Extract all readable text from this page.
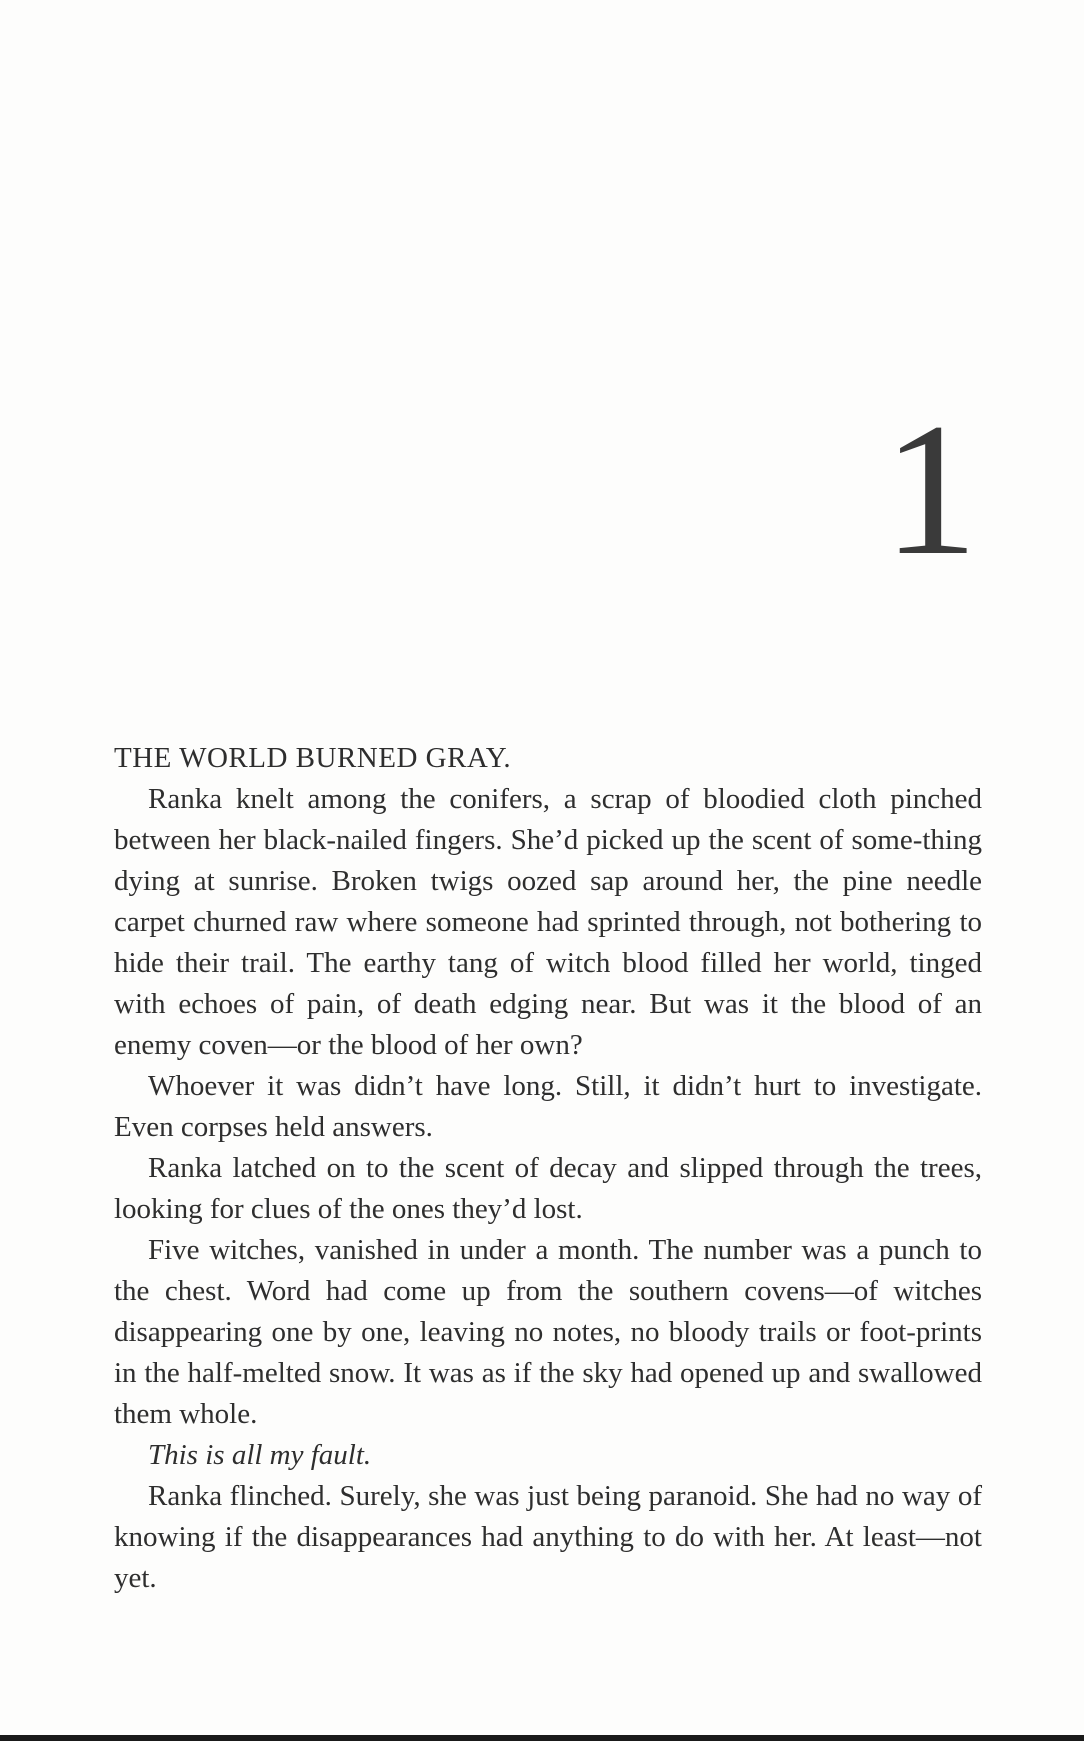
1

THE WORLD BURNED GRAY.

Ranka knelt among the conifers, a scrap of bloodied cloth pinched between her black-nailed fingers. She’d picked up the scent of some-thing dying at sunrise. Broken twigs oozed sap around her, the pine needle carpet churned raw where someone had sprinted through, not bothering to hide their trail. The earthy tang of witch blood filled her world, tinged with echoes of pain, of death edging near. But was it the blood of an enemy coven—or the blood of her own?

Whoever it was didn’t have long. Still, it didn’t hurt to investigate. Even corpses held answers.

Ranka latched on to the scent of decay and slipped through the trees, looking for clues of the ones they’d lost.

Five witches, vanished in under a month. The number was a punch to the chest. Word had come up from the southern covens—of witches disappearing one by one, leaving no notes, no bloody trails or foot-prints in the half-melted snow. It was as if the sky had opened up and swallowed them whole.

This is all my fault.

Ranka flinched. Surely, she was just being paranoid. She had no way of knowing if the disappearances had anything to do with her. At least—not yet.
